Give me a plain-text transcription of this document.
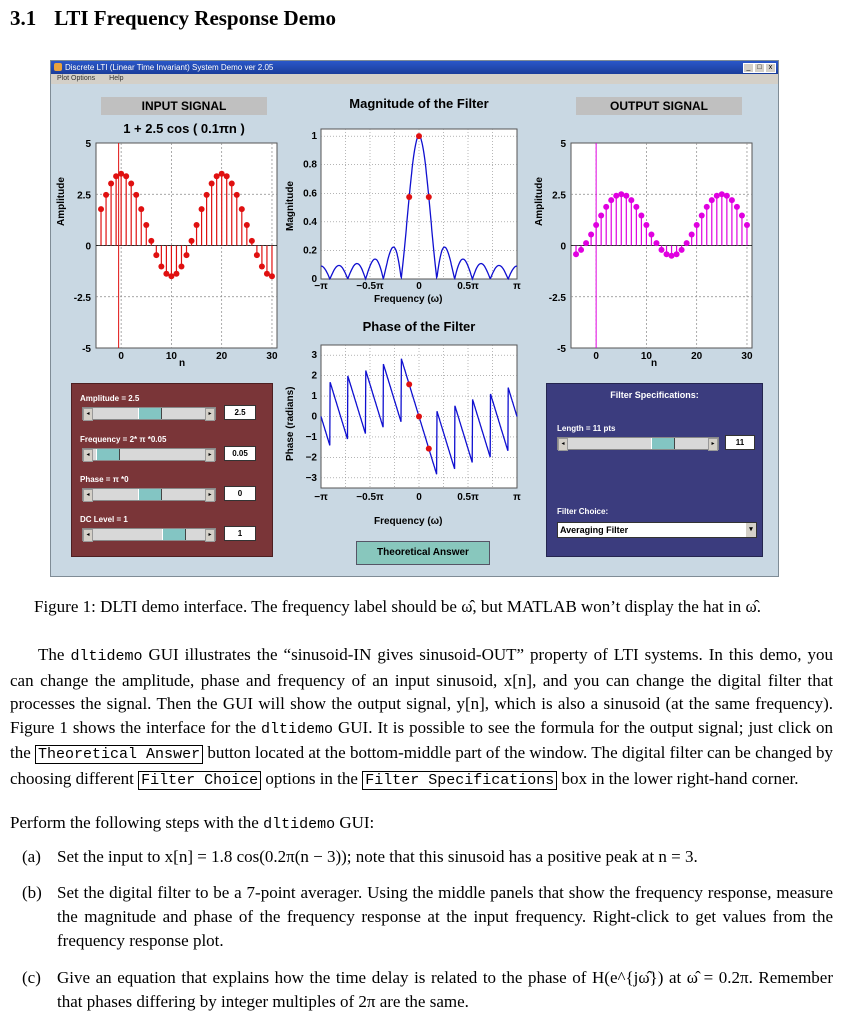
3.1 LTI Frequency Response Demo
Discrete LTI (Linear Time Invariant) System Demo ver 2.05	_ □	x
Plot Options Help
INPUT SIGNAL
1 + 2.5 cos ( 0.1πn )
Amplitude
n
0	10	20	30
5
2.5
0
-2.5
-5
OUTPUT SIGNAL
Amplitude
n
0	10	20	30
5
2.5
0
-2.5
-5
Magnitude of the Filter
Magnitude
Frequency (ω)
−π	−0.5π	0	0.5π	π
1
0.8
0.6
0.4
0.2
0
Phase of the Filter
Phase (radians)
Frequency (ω)
−π	−0.5π	0	0.5π	π
3
2
1
0
−1
−2
−3
Amplitude = 2.5
◂	▸	2.5
Frequency = 2* π *0.05
◂	▸	0.05
Phase = π *0
◂	▸	0
DC Level = 1
◂	▸	1
Filter Specifications:
Length = 11 pts
◂	▸	11
Filter Choice:
Averaging Filter	▾
Theoretical Answer
Figure 1: DLTI demo interface. The frequency label should be ω̂, but MATLAB won’t display the hat in ω̂.
The dltidemo GUI illustrates the “sinusoid-IN gives sinusoid-OUT” property of LTI systems. In this demo, you can change the amplitude, phase and frequency of an input sinusoid, x[n], and you can change the digital filter that processes the signal. Then the GUI will show the output signal, y[n], which is also a sinusoid (at the same frequency). Figure 1 shows the interface for the dltidemo GUI. It is possible to see the formula for the output signal; just click on the Theoretical Answer button located at the bottom-middle part of the window. The digital filter can be changed by choosing different Filter Choice options in the Filter Specifications box in the lower right-hand corner.
Perform the following steps with the dltidemo GUI:
(a) Set the input to x[n] = 1.8 cos(0.2π(n − 3)); note that this sinusoid has a positive peak at n = 3.
(b) Set the digital filter to be a 7-point averager. Using the middle panels that show the frequency response, measure the magnitude and phase of the frequency response at the input frequency. Right-click to get values from the frequency response plot.
(c) Give an equation that explains how the time delay is related to the phase of H(e^{jω̂}) at ω̂ = 0.2π. Remember that phases differing by integer multiples of 2π are the same.
